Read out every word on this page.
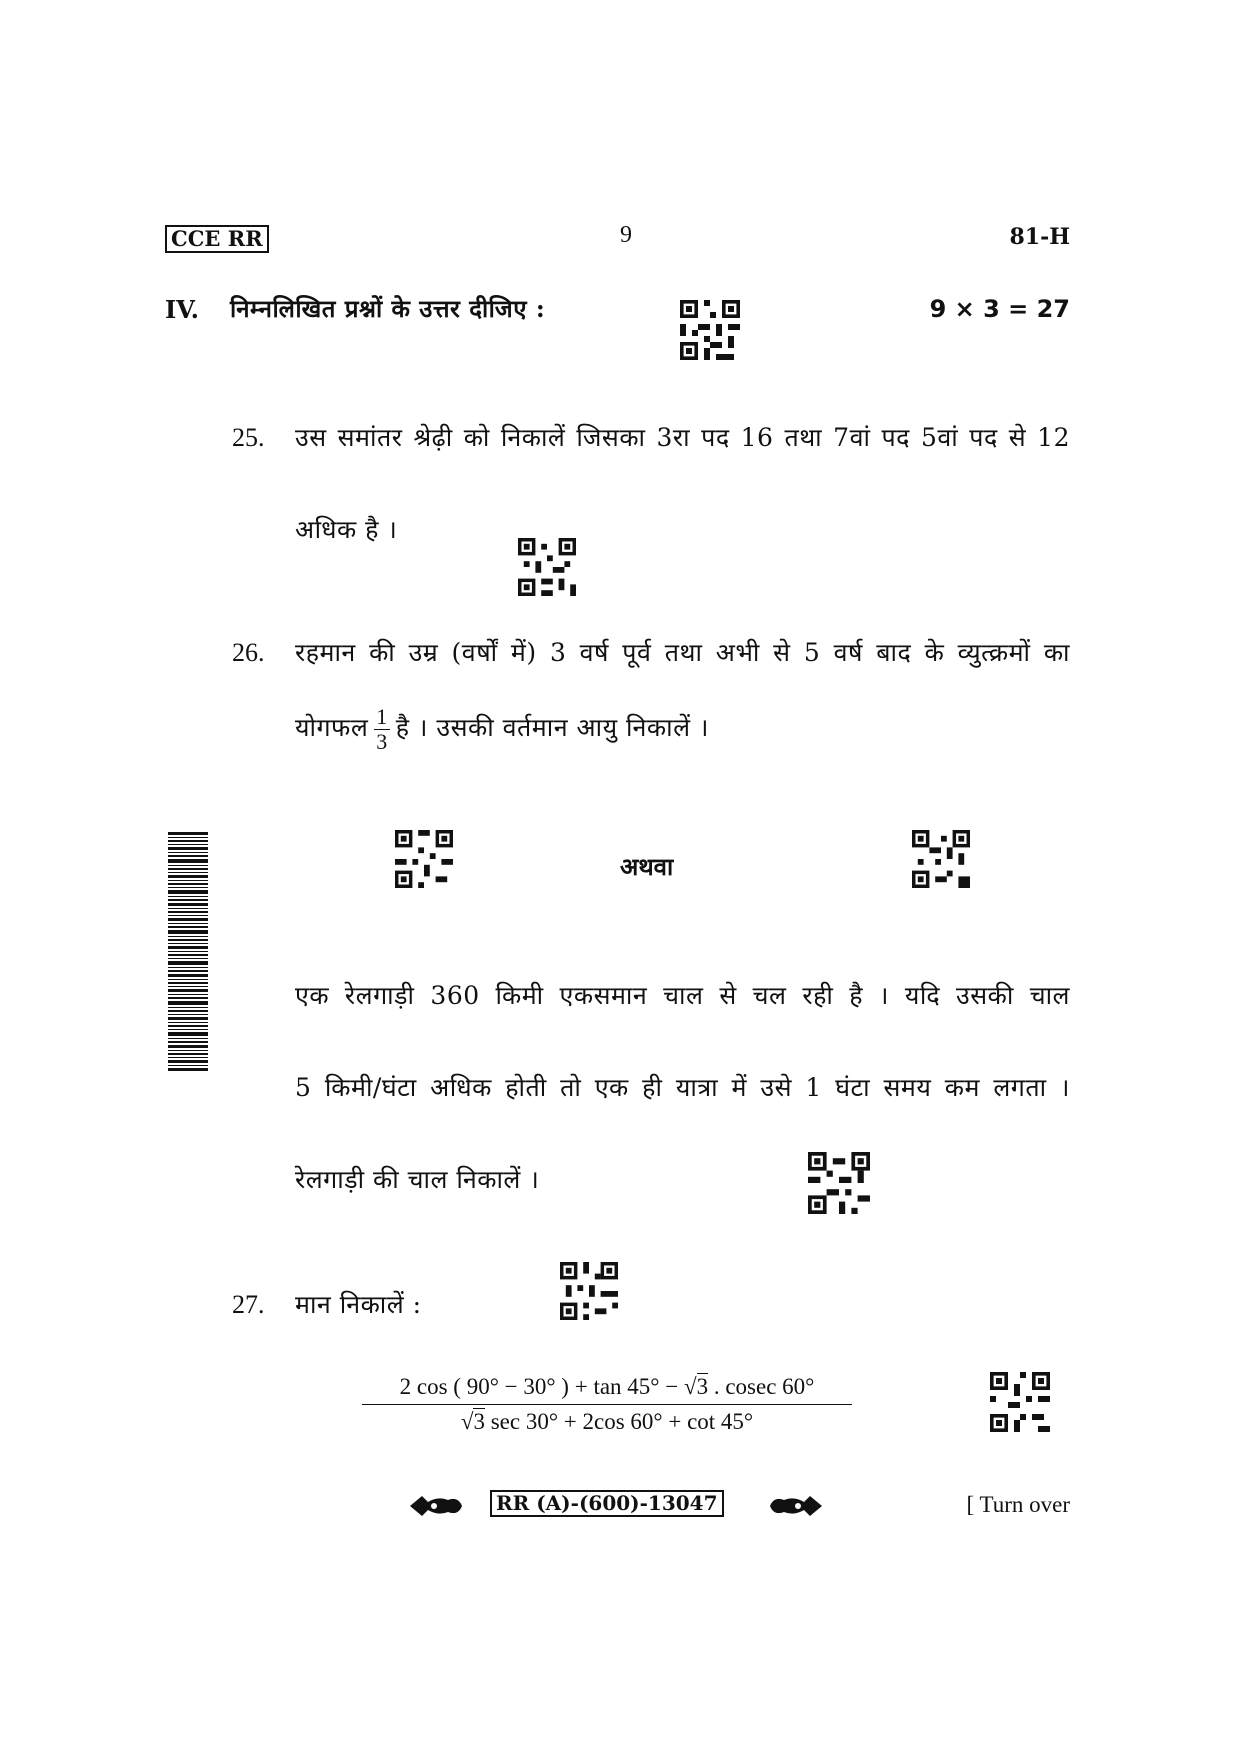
CCE RR	9	81-H
IV. निम्नलिखित प्रश्नों के उत्तर दीजिए :	9 × 3 = 27
25. उस समांतर श्रेढ़ी को निकालें जिसका 3रा पद 16 तथा 7वां पद 5वां पद से 12
अधिक है ।
26. रहमान की उम्र (वर्षों में) 3 वर्ष पूर्व तथा अभी से 5 वर्ष बाद के व्युत्क्रमों का
योगफल $\frac{1}{3}$ है । उसकी वर्तमान आयु निकालें ।
अथवा
एक रेलगाड़ी 360 किमी एकसमान चाल से चल रही है । यदि उसकी चाल
5 किमी/घंटा अधिक होती तो एक ही यात्रा में उसे 1 घंटा समय कम लगता ।
रेलगाड़ी की चाल निकालें ।
27. मान निकालें :
2 cos ( 90° − 30° ) + tan 45° − √3 . cosec 60°
√3 sec 30° + 2cos 60° + cot 45°
RR (A)-(600)-13047	[ Turn over
